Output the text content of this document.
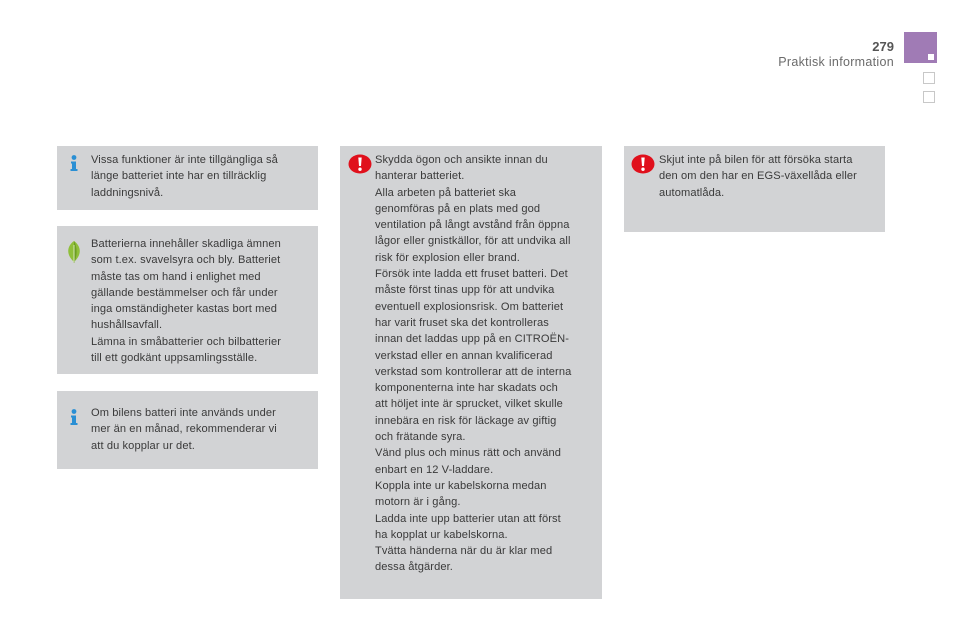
279
Praktisk information
Vissa funktioner är inte tillgängliga så
länge batteriet inte har en tillräcklig
laddningsnivå.
Batterierna innehåller skadliga ämnen
som t.ex. svavelsyra och bly. Batteriet
måste tas om hand i enlighet med
gällande bestämmelser och får under
inga omständigheter kastas bort med
hushållsavfall.
Lämna in småbatterier och bilbatterier
till ett godkänt uppsamlingsställe.
Om bilens batteri inte används under
mer än en månad, rekommenderar vi
att du kopplar ur det.
Skydda ögon och ansikte innan du
hanterar batteriet.
Alla arbeten på batteriet ska
genomföras på en plats med god
ventilation på långt avstånd från öppna
lågor eller gnistkällor, för att undvika all
risk för explosion eller brand.
Försök inte ladda ett fruset batteri. Det
måste först tinas upp för att undvika
eventuell explosionsrisk. Om batteriet
har varit fruset ska det kontrolleras
innan det laddas upp på en CITROËN-
verkstad eller en annan kvalificerad
verkstad som kontrollerar att de interna
komponenterna inte har skadats och
att höljet inte är sprucket, vilket skulle
innebära en risk för läckage av giftig
och frätande syra.
Vänd plus och minus rätt och använd
enbart en 12 V-laddare.
Koppla inte ur kabelskorna medan
motorn är i gång.
Ladda inte upp batterier utan att först
ha kopplat ur kabelskorna.
Tvätta händerna när du är klar med
dessa åtgärder.
Skjut inte på bilen för att försöka starta
den om den har en EGS-växellåda eller
automatlåda.
